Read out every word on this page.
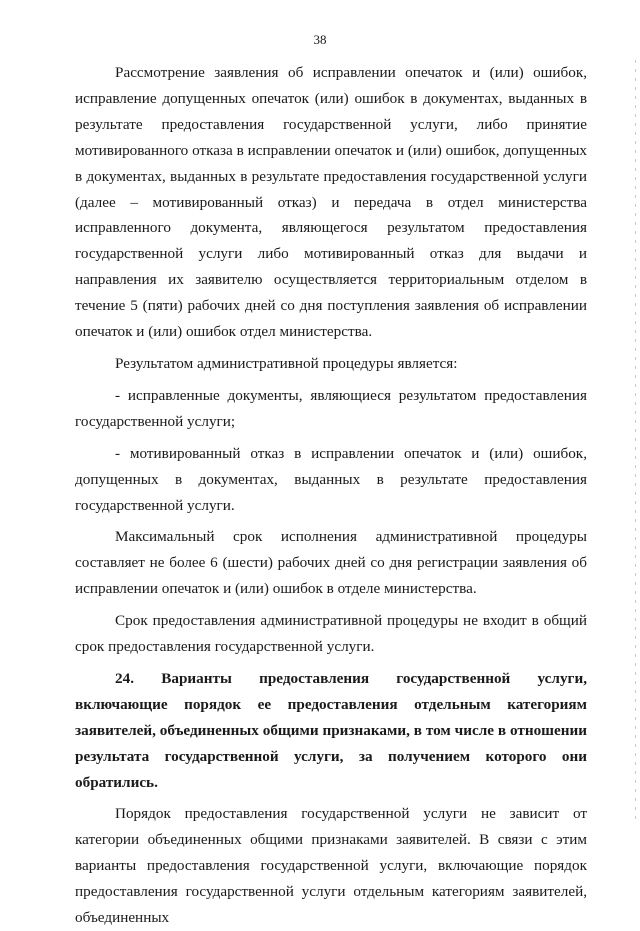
38

Рассмотрение заявления об исправлении опечаток и (или) ошибок, исправление допущенных опечаток (или) ошибок в документах, выданных в результате предоставления государственной услуги, либо принятие мотивированного отказа в исправлении опечаток и (или) ошибок, допущенных в документах, выданных в результате предоставления государственной услуги (далее – мотивированный отказ) и передача в отдел министерства исправленного документа, являющегося результатом предоставления государственной услуги либо мотивированный отказ для выдачи и направления их заявителю осуществляется территориальным отделом в течение 5 (пяти) рабочих дней со дня поступления заявления об исправлении опечаток и (или) ошибок отдел министерства.

Результатом административной процедуры является:

- исправленные документы, являющиеся результатом предоставления государственной услуги;

- мотивированный отказ в исправлении опечаток и (или) ошибок, допущенных в документах, выданных в результате предоставления государственной услуги.

Максимальный срок исполнения административной процедуры составляет не более 6 (шести) рабочих дней со дня регистрации заявления об исправлении опечаток и (или) ошибок в отделе министерства.

Срок предоставления административной процедуры не входит в общий срок предоставления государственной услуги.

24. Варианты предоставления государственной услуги, включающие порядок ее предоставления отдельным категориям заявителей, объединенных общими признаками, в том числе в отношении результата государственной услуги, за получением которого они обратились.

Порядок предоставления государственной услуги не зависит от категории объединенных общими признаками заявителей. В связи с этим варианты предоставления государственной услуги, включающие порядок предоставления государственной услуги отдельным категориям заявителей, объединенных
